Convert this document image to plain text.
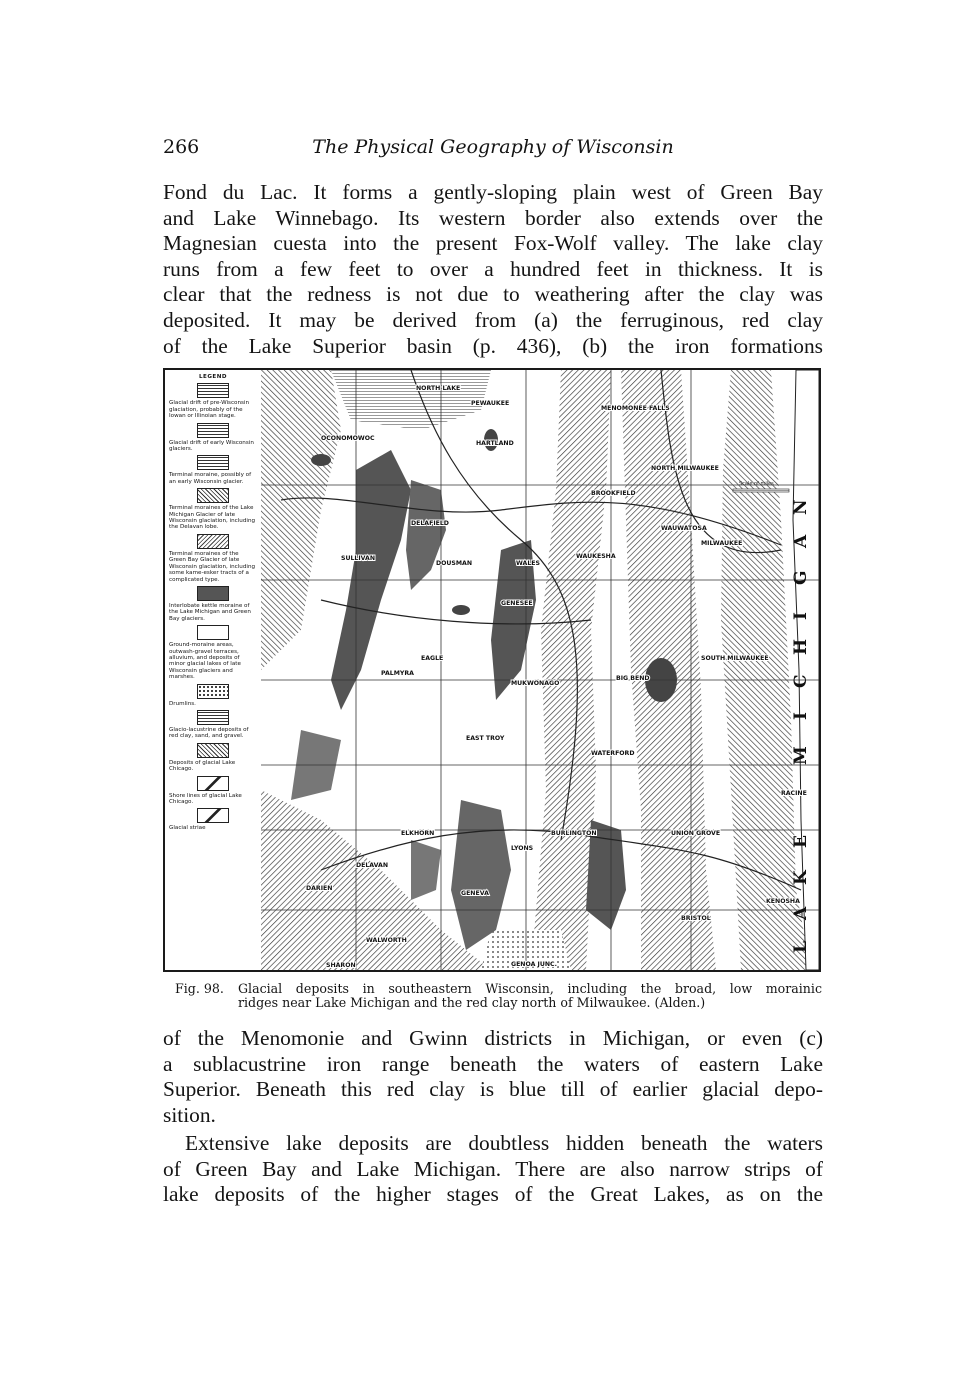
266	The Physical Geography of Wisconsin

Fond du Lac. It forms a gently-sloping plain west of Green Bay
and Lake Winnebago. Its western border also extends over the
Magnesian cuesta into the present Fox-Wolf valley. The lake clay
runs from a few feet to over a hundred feet in thickness. It is
clear that the redness is not due to weathering after the clay was
deposited. It may be derived from (a) the ferruginous, red clay
of the Lake Superior basin (p. 436), (b) the iron formations

LEGEND
Glacial drift of pre-Wisconsin glaciation, probably of the Iowan or Illinoian stage.
Glacial drift of early Wisconsin glaciers.
Terminal moraine, possibly of an early Wisconsin glacier.
Terminal moraines of the Lake Michigan Glacier of late Wisconsin glaciation, including the Delavan lobe.
Terminal moraines of the Green Bay Glacier of late Wisconsin glaciation, including some kame-esker tracts of a complicated type.
Interlobate kettle moraine of the Lake Michigan and Green Bay glaciers.
Ground-moraine areas, outwash-gravel terraces, alluvium, and deposits of minor glacial lakes of late Wisconsin glaciers and marshes.
Drumlins.
Glacio-lacustrine deposits of red clay, sand, and gravel.
Deposits of glacial Lake Chicago.
Shore lines of glacial Lake Chicago.
Glacial striae
NORTH LAKE
PEWAUKEE
HARTLAND
OCONOMOWOC
MENOMONEE FALLS
NORTH MILWAUKEE
BROOKFIELD
WAUWATOSA
MILWAUKEE
DELAFIELD
SULLIVAN
DOUSMAN	WALES
WAUKESHA
GENESEE
SOUTH MILWAUKEE
EAGLE
PALMYRA
MUKWONAGO
BIG BEND
EAST TROY
WATERFORD
RACINE
ELKHORN	BURLINGTON	UNION GROVE
LYONS
DELAVAN
DARIEN
GENEVA
BRISTOL
KENOSHA
WALWORTH
SHARON	GENOA JUNC.
L
A
K
E
M
I
C
H
I
G
A
N
Scale of miles
Fig. 98.	Glacial deposits in southeastern Wisconsin, including the broad, low morainic
ridges near Lake Michigan and the red clay north of Milwaukee. (Alden.)

of the Menomonie and Gwinn districts in Michigan, or even (c)
a sublacustrine iron range beneath the waters of eastern Lake
Superior. Beneath this red clay is blue till of earlier glacial depo-
sition.

Extensive lake deposits are doubtless hidden beneath the waters
of Green Bay and Lake Michigan. There are also narrow strips of
lake deposits of the higher stages of the Great Lakes, as on the
